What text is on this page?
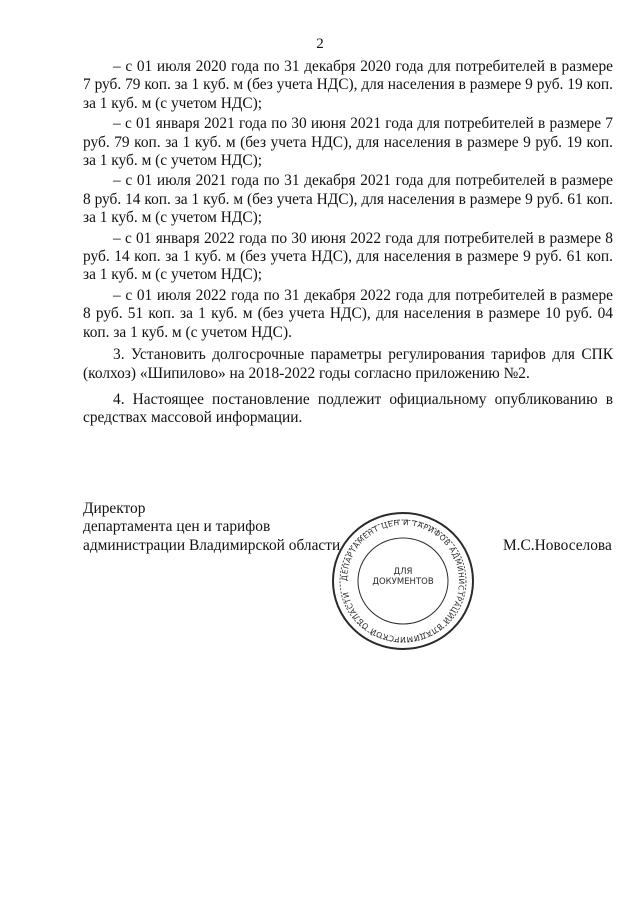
2

– с 01 июля 2020 года по 31 декабря 2020 года для потребителей в размере 7 руб. 79 коп. за 1 куб. м (без учета НДС), для населения в размере 9 руб. 19 коп. за 1 куб. м (с учетом НДС);

– с 01 января 2021 года по 30 июня 2021 года для потребителей в размере 7 руб. 79 коп. за 1 куб. м (без учета НДС), для населения в размере 9 руб. 19 коп. за 1 куб. м (с учетом НДС);

– с 01 июля 2021 года по 31 декабря 2021 года для потребителей в размере 8 руб. 14 коп. за 1 куб. м (без учета НДС), для населения в размере 9 руб. 61 коп. за 1 куб. м (с учетом НДС);

– с 01 января 2022 года по 30 июня 2022 года для потребителей в размере 8 руб. 14 коп. за 1 куб. м (без учета НДС), для населения в размере 9 руб. 61 коп. за 1 куб. м (с учетом НДС);

– с 01 июля 2022 года по 31 декабря 2022 года для потребителей в размере 8 руб. 51 коп. за 1 куб. м (без учета НДС), для населения в размере 10 руб. 04 коп. за 1 куб. м (с учетом НДС).

3. Установить долгосрочные параметры регулирования тарифов для СПК (колхоз) «Шипилово» на 2018-2022 годы согласно приложению №2.

4. Настоящее постановление подлежит официальному опубликованию в средствах массовой информации.

Директор
департамента цен и тарифов
администрации Владимирской области	М.С.Новоселова
ДЕПАРТАМЕНТ ЦЕН И ТАРИФОВ АДМИНИСТРАЦИИ ВЛАДИМИРСКОЙ ОБЛАСТИ
ДЛЯ
ДОКУМЕНТОВ
